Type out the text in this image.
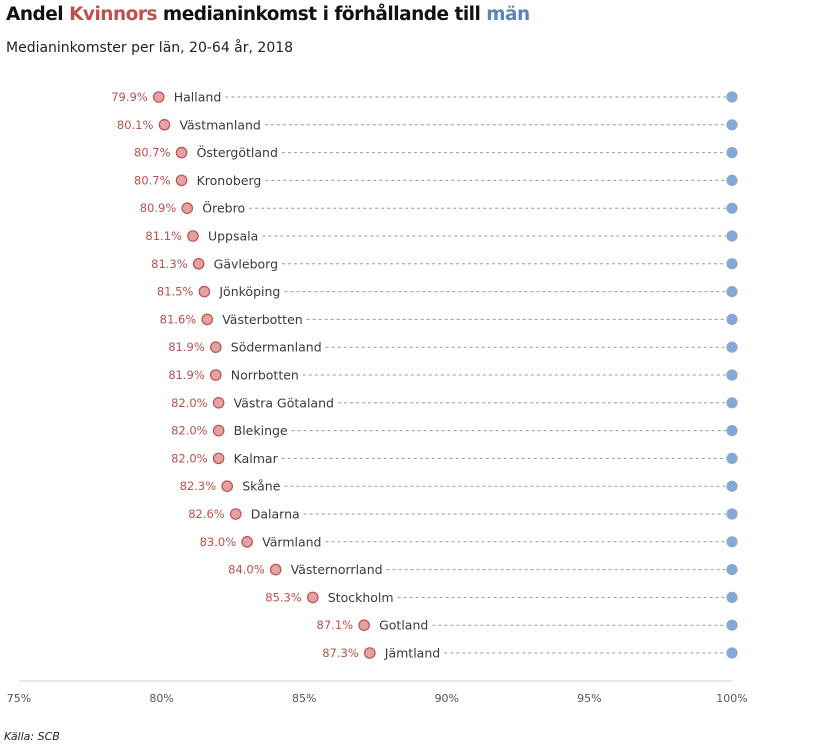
Andel Kvinnors medianinkomst i förhållande till män
Medianinkomster per län, 20-64 år, 2018
79.9% Halland
80.1% Västmanland
80.7% Östergötland
80.7% Kronoberg
80.9% Örebro
81.1% Uppsala
81.3% Gävleborg
81.5% Jönköping
81.6% Västerbotten
81.9% Södermanland
81.9% Norrbotten
82.0% Västra Götaland
82.0% Blekinge
82.0% Kalmar
82.3% Skåne
82.6% Dalarna
83.0% Värmland
84.0% Västernorrland
85.3% Stockholm
87.1% Gotland
87.3% Jämtland
75%	80%	85%	90%	95%	100%
Källa: SCB
